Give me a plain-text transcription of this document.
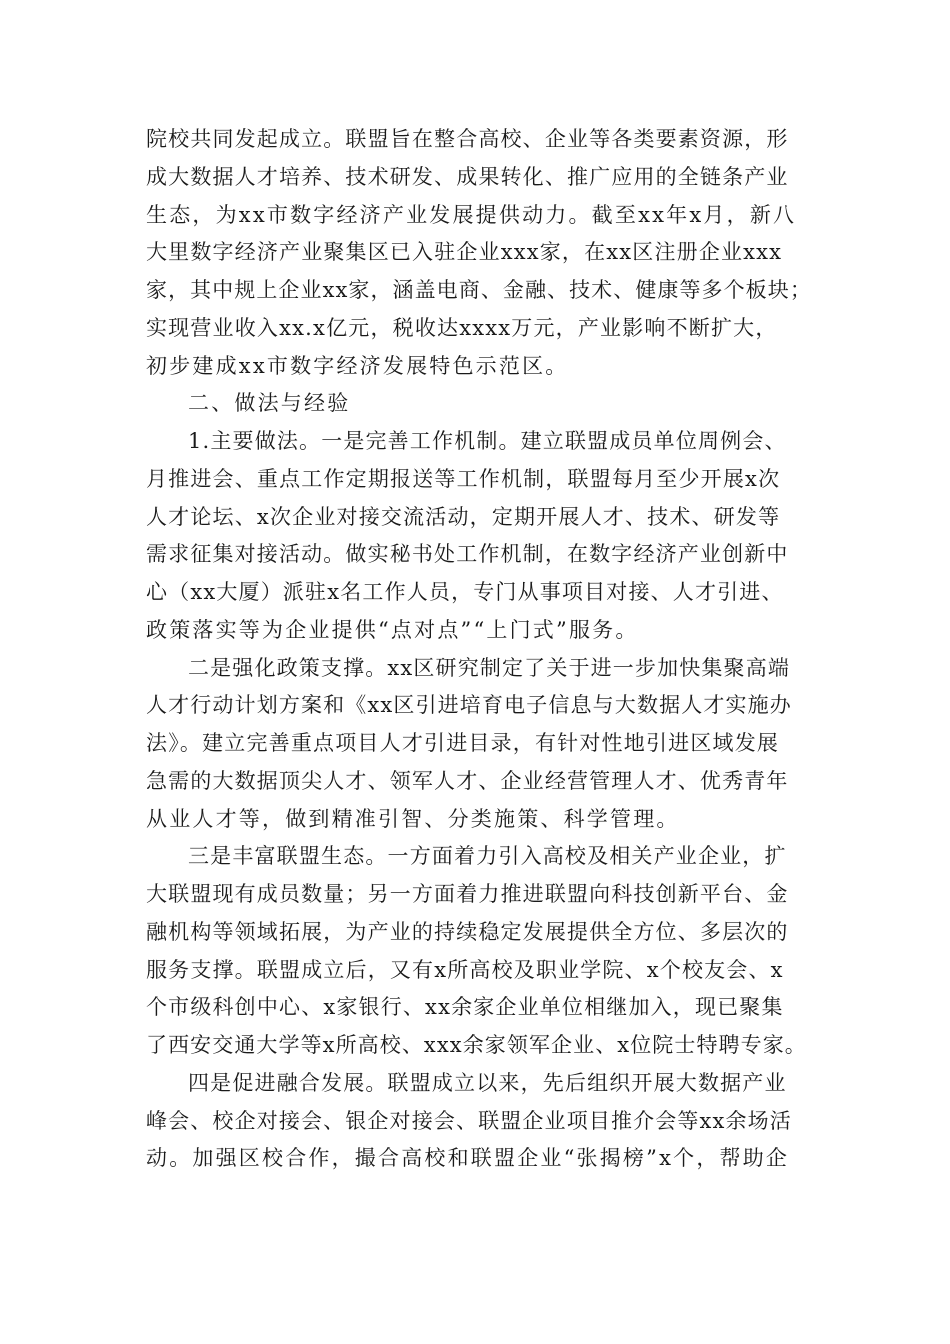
院校共同发起成立。联盟旨在整合高校、企业等各类要素资源，形
成大数据人才培养、技术研发、成果转化、推广应用的全链条产业
生态，为xx市数字经济产业发展提供动力。截至xx年x月，新八
大里数字经济产业聚集区已入驻企业xxx家，在xx区注册企业xxx
家，其中规上企业xx家，涵盖电商、金融、技术、健康等多个板块；
实现营业收入xx.x亿元，税收达xxxx万元，产业影响不断扩大，
初步建成xx市数字经济发展特色示范区。
二、做法与经验
1.主要做法。一是完善工作机制。建立联盟成员单位周例会、
月推进会、重点工作定期报送等工作机制，联盟每月至少开展x次
人才论坛、x次企业对接交流活动，定期开展人才、技术、研发等
需求征集对接活动。做实秘书处工作机制，在数字经济产业创新中
心（xx大厦）派驻x名工作人员，专门从事项目对接、人才引进、
政策落实等为企业提供“点对点”“上门式”服务。
二是强化政策支撑。xx区研究制定了关于进一步加快集聚高端
人才行动计划方案和《xx区引进培育电子信息与大数据人才实施办
法》。建立完善重点项目人才引进目录，有针对性地引进区域发展
急需的大数据顶尖人才、领军人才、企业经营管理人才、优秀青年
从业人才等，做到精准引智、分类施策、科学管理。
三是丰富联盟生态。一方面着力引入高校及相关产业企业，扩
大联盟现有成员数量；另一方面着力推进联盟向科技创新平台、金
融机构等领域拓展，为产业的持续稳定发展提供全方位、多层次的
服务支撑。联盟成立后，又有x所高校及职业学院、x个校友会、x
个市级科创中心、x家银行、xx余家企业单位相继加入，现已聚集
了西安交通大学等x所高校、xxx余家领军企业、x位院士特聘专家。
四是促进融合发展。联盟成立以来，先后组织开展大数据产业
峰会、校企对接会、银企对接会、联盟企业项目推介会等xx余场活
动。加强区校合作，撮合高校和联盟企业“张揭榜”x个，帮助企
